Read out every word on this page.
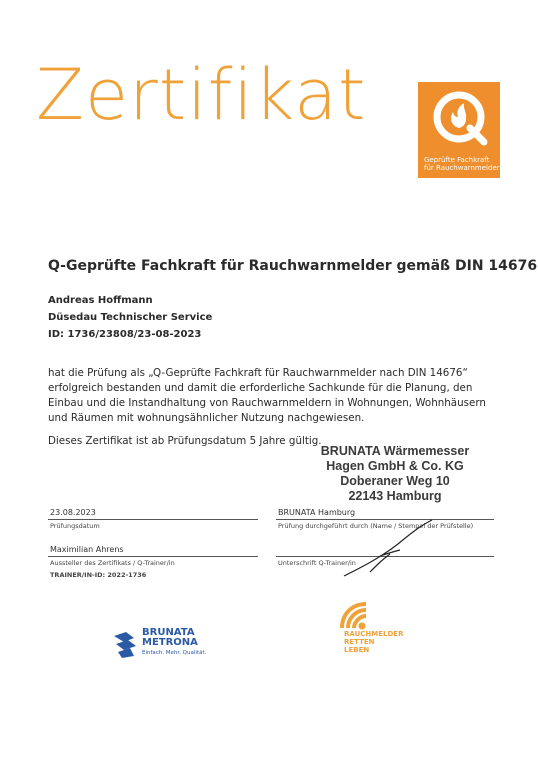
Zertifikat
Geprüfte Fachkraft
für Rauchwarnmelder
Q-Geprüfte Fachkraft für Rauchwarnmelder gemäß DIN 14676
Andreas Hoffmann
Düsedau Technischer Service
ID: 1736/23808/23-08-2023
hat die Prüfung als „Q-Geprüfte Fachkraft für Rauchwarnmelder nach DIN 14676“
erfolgreich bestanden und damit die erforderliche Sachkunde für die Planung, den
Einbau und die Instandhaltung von Rauchwarnmeldern in Wohnungen, Wohnhäusern
und Räumen mit wohnungsähnlicher Nutzung nachgewiesen.
Dieses Zertifikat ist ab Prüfungsdatum 5 Jahre gültig.
BRUNATA Wärmemesser
Hagen GmbH & Co. KG
Doberaner Weg 10
22143 Hamburg
23.08.2023
Prüfungsdatum
Maximilian Ahrens
Aussteller des Zertifikats / Q-Trainer/in
TRAINER/IN-ID: 2022-1736
BRUNATA Hamburg
Prüfung durchgeführt durch (Name / Stempel der Prüfstelle)
Unterschrift Q-Trainer/in
BRUNATA
METRONA
Einfach. Mehr. Qualität.
RAUCHMELDER
RETTEN
LEBEN
